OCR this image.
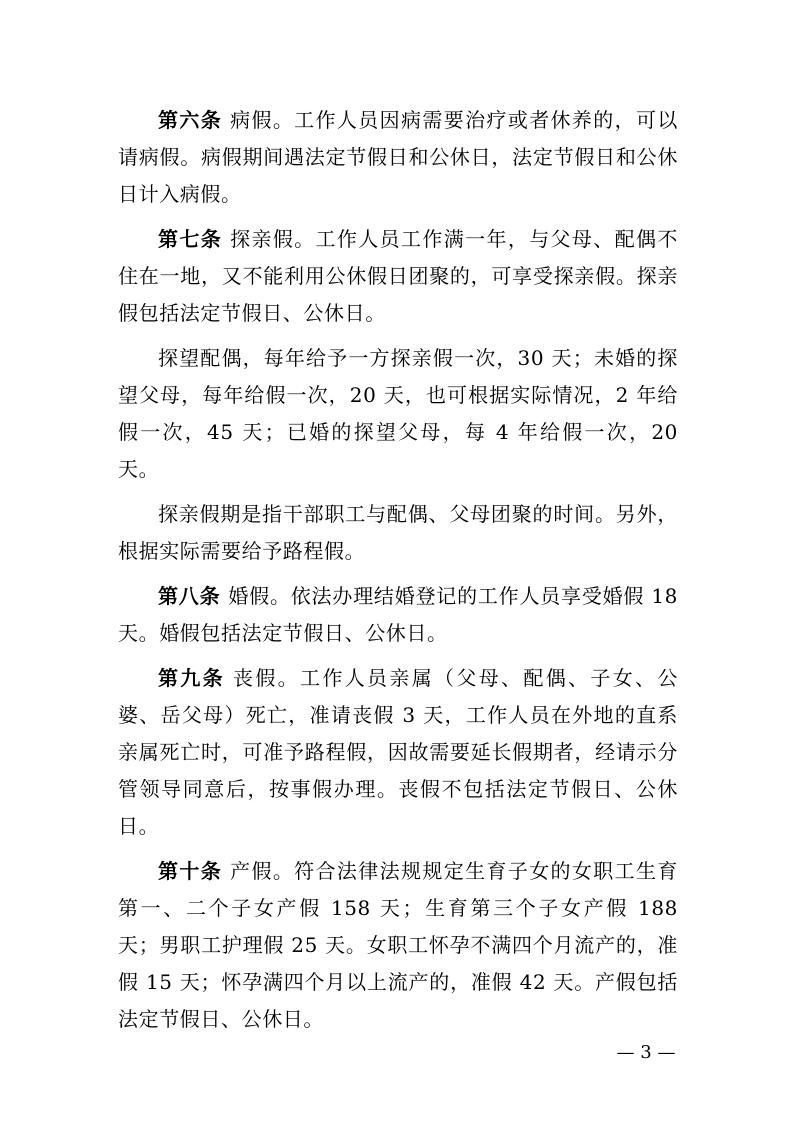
第六条 病假。工作人员因病需要治疗或者休养的，可以请病假。病假期间遇法定节假日和公休日，法定节假日和公休日计入病假。

第七条 探亲假。工作人员工作满一年，与父母、配偶不住在一地，又不能利用公休假日团聚的，可享受探亲假。探亲假包括法定节假日、公休日。

探望配偶，每年给予一方探亲假一次，30 天；未婚的探望父母，每年给假一次，20 天，也可根据实际情况，2 年给假一次，45 天；已婚的探望父母，每 4 年给假一次，20 天。

探亲假期是指干部职工与配偶、父母团聚的时间。另外，根据实际需要给予路程假。

第八条 婚假。依法办理结婚登记的工作人员享受婚假 18 天。婚假包括法定节假日、公休日。

第九条 丧假。工作人员亲属（父母、配偶、子女、公婆、岳父母）死亡，准请丧假 3 天，工作人员在外地的直系亲属死亡时，可准予路程假，因故需要延长假期者，经请示分管领导同意后，按事假办理。丧假不包括法定节假日、公休日。

第十条 产假。符合法律法规规定生育子女的女职工生育第一、二个子女产假 158 天；生育第三个子女产假 188 天；男职工护理假 25 天。女职工怀孕不满四个月流产的，准假 15 天；怀孕满四个月以上流产的，准假 42 天。产假包括法定节假日、公休日。

— 3 —
